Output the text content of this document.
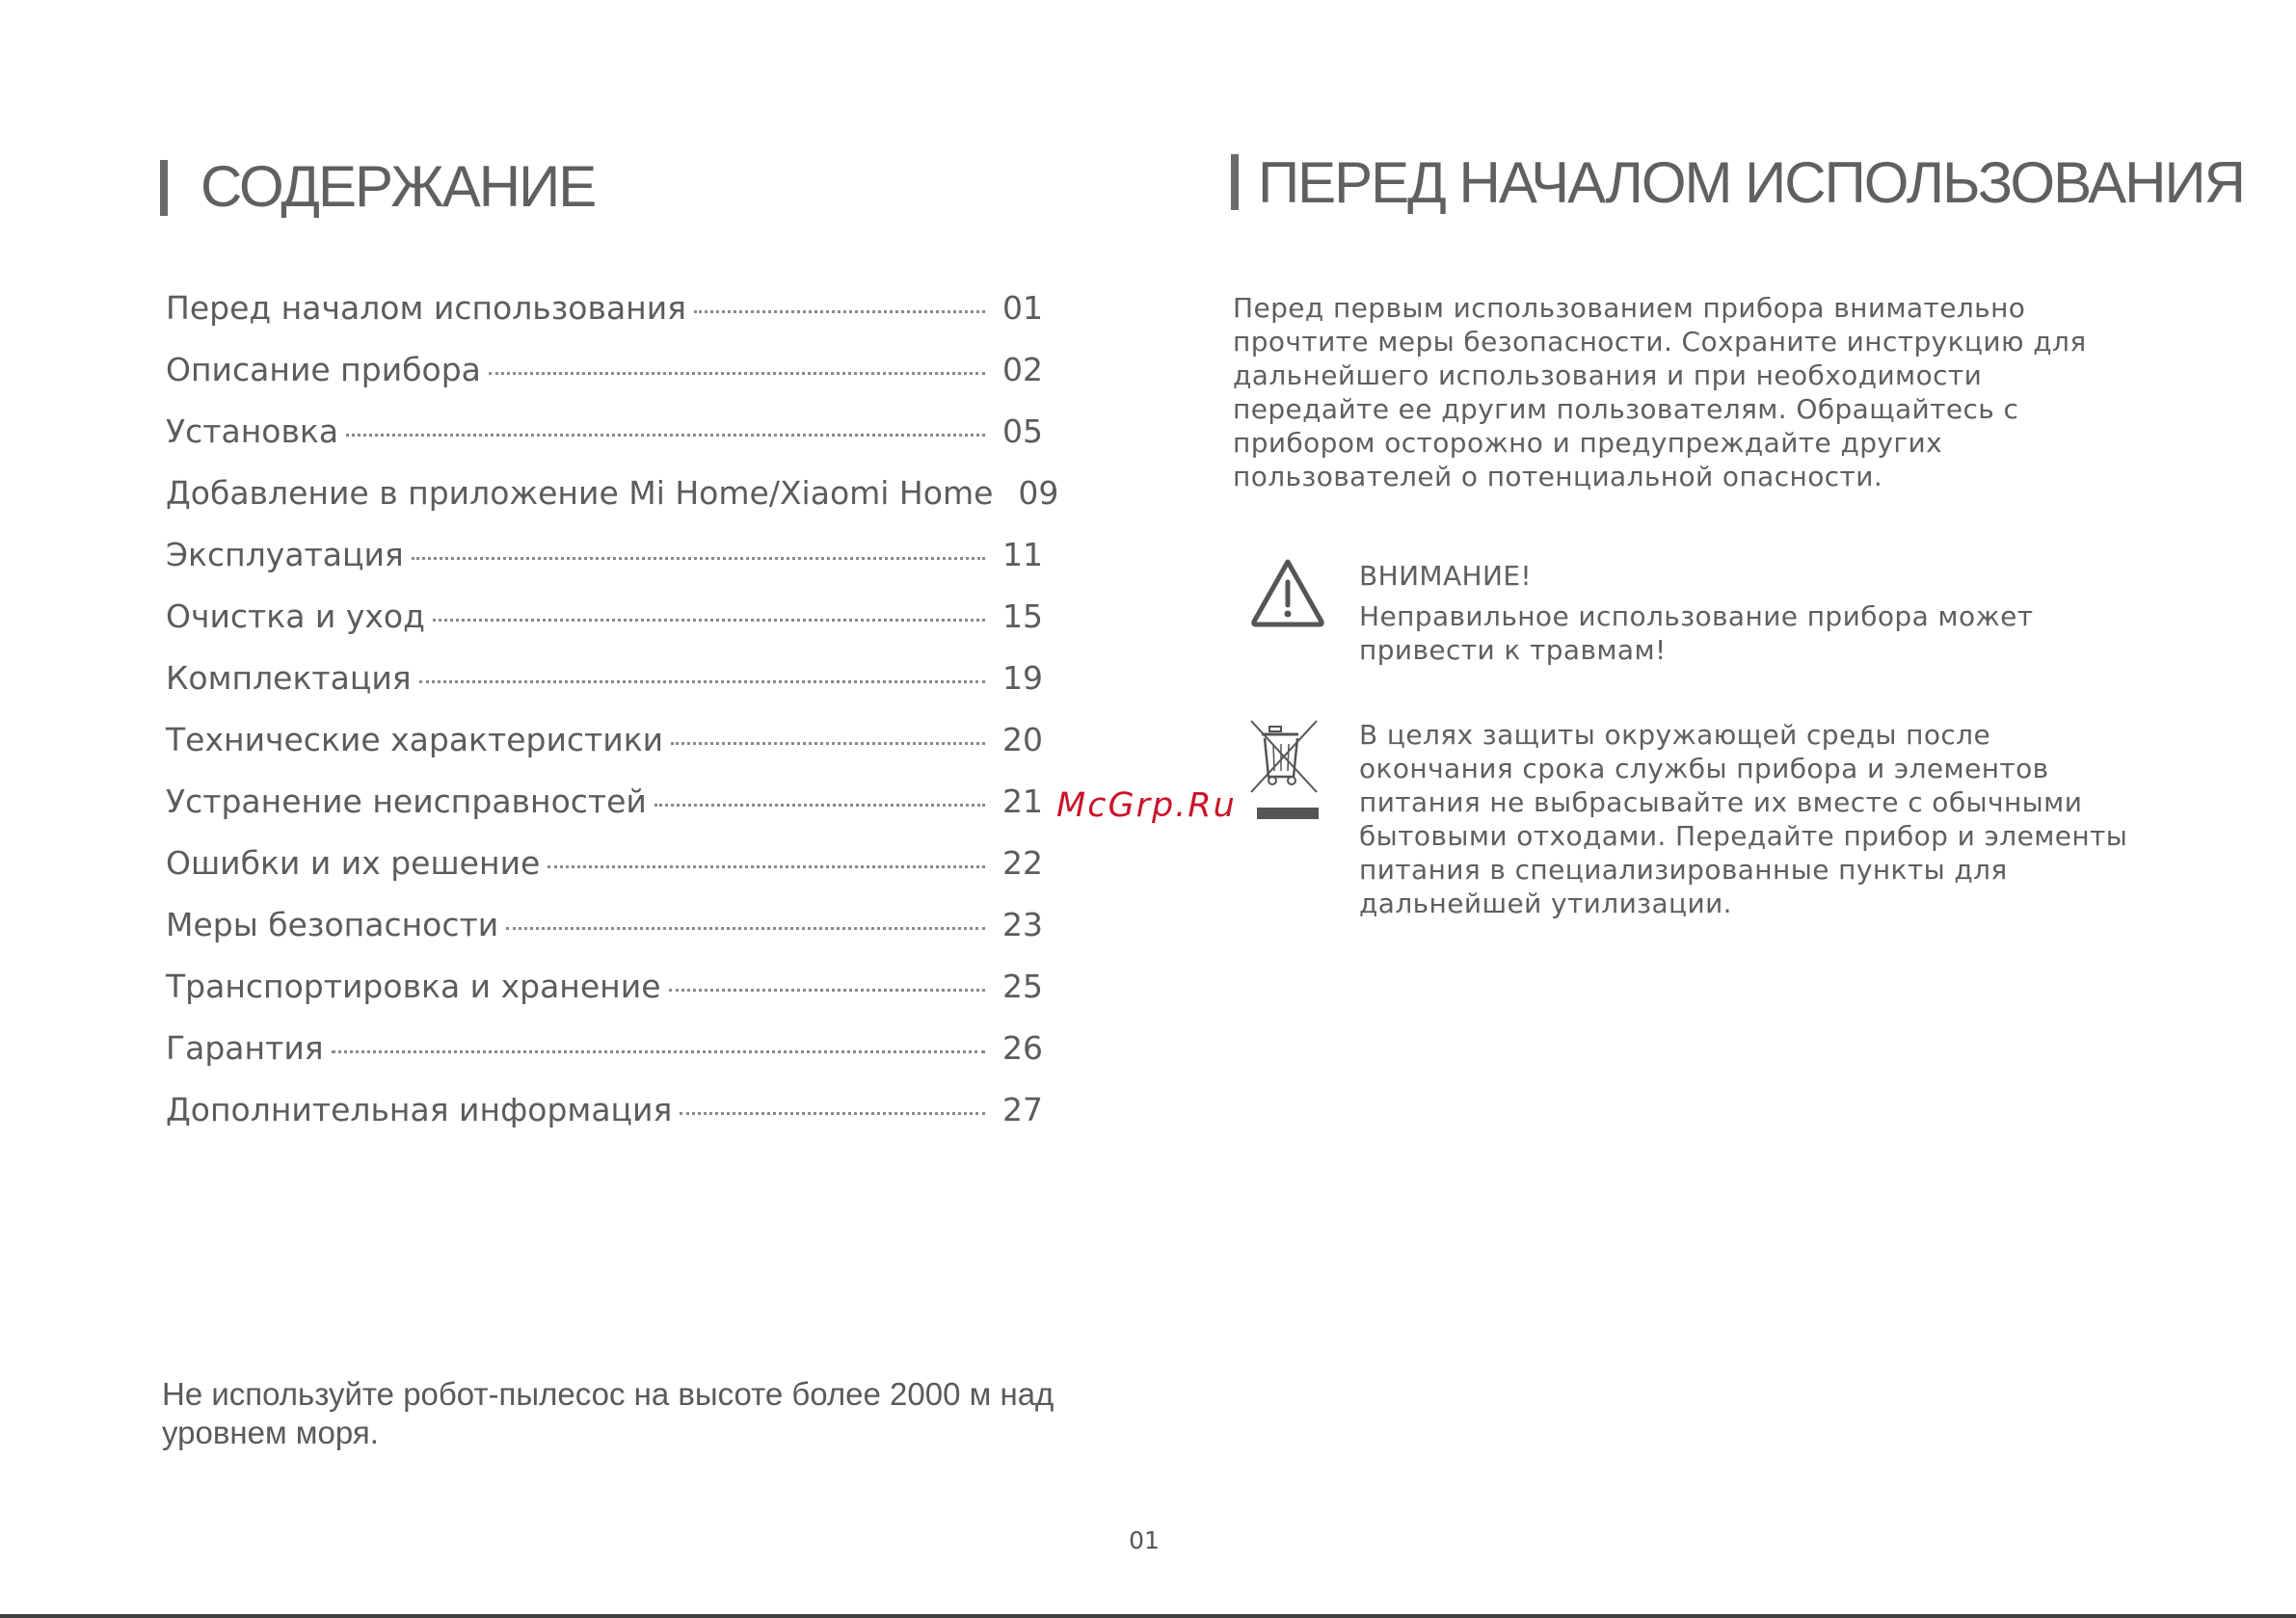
СОДЕРЖАНИЕ
Перед началом использования	01
Описание прибора	02
Установка	05
Добавление в приложение Mi Home/Xiaomi Home 09
Эксплуатация	11
Очистка и уход	15
Комплектация	19
Технические характеристики	20
Устранение неисправностей	21
Ошибки и их решение	22
Меры безопасности	23
Транспортировка и хранение	25
Гарантия	26
Дополнительная информация	27

Не используйте робот-пылесос на высоте более 2000 м над уровнем моря.

ПЕРЕД НАЧАЛОМ ИСПОЛЬЗОВАНИЯ

Перед первым использованием прибора внимательно прочтите меры безопасности. Сохраните инструкцию для дальнейшего использования и при необходимости передайте ее другим пользователям. Обращайтесь с прибором осторожно и предупреждайте других пользователей о потенциальной опасности.

ВНИМАНИЕ!
Неправильное использование прибора может привести к травмам!
В целях защиты окружающей среды после окончания срока службы прибора и элементов питания не выбрасывайте их вместе с обычными бытовыми отходами. Передайте прибор и элементы питания в специализированные пункты для дальнейшей утилизации.
McGrp.Ru
01
